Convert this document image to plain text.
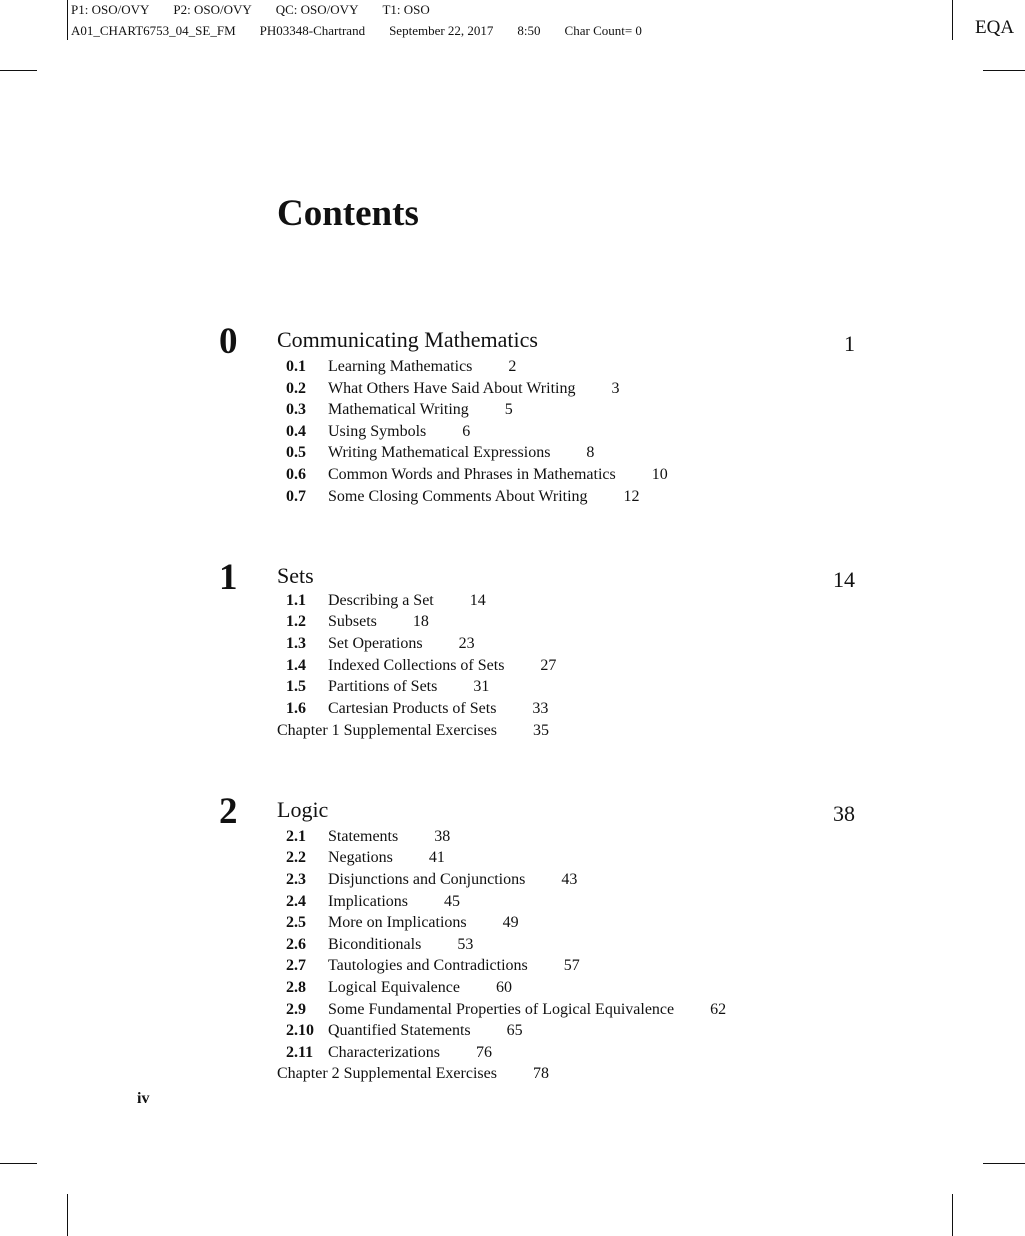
P1: OSO/OVY P2: OSO/OVY QC: OSO/OVY T1: OSO
A01_CHART6753_04_SE_FM PH03348-Chartrand September 22, 2017 8:50 Char Count= 0	EQA
Contents
0 Communicating Mathematics	1
0.1 Learning Mathematics 2
0.2 What Others Have Said About Writing 3
0.3 Mathematical Writing 5
0.4 Using Symbols 6
0.5 Writing Mathematical Expressions 8
0.6 Common Words and Phrases in Mathematics 10
0.7 Some Closing Comments About Writing 12
1 Sets	14
1.1 Describing a Set 14
1.2 Subsets 18
1.3 Set Operations 23
1.4 Indexed Collections of Sets 27
1.5 Partitions of Sets 31
1.6 Cartesian Products of Sets 33
Chapter 1 Supplemental Exercises 35
2 Logic	38
2.1 Statements 38
2.2 Negations 41
2.3 Disjunctions and Conjunctions 43
2.4 Implications 45
2.5 More on Implications 49
2.6 Biconditionals 53
2.7 Tautologies and Contradictions 57
2.8 Logical Equivalence 60
2.9 Some Fundamental Properties of Logical Equivalence 62
2.10 Quantified Statements 65
2.11 Characterizations 76
Chapter 2 Supplemental Exercises 78
iv
